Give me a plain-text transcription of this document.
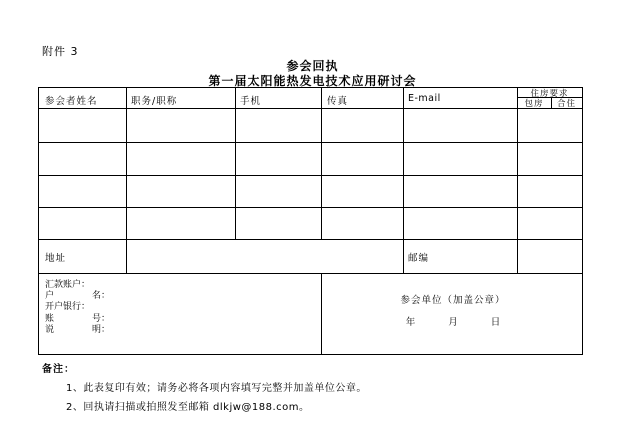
附件 3
参会回执
第一届太阳能热发电技术应用研讨会
参会者姓名	职务/职称	手机	传真	E-mail	住房要求
包房	合住
地址	邮编
汇款账户 ：
户名 ：
开户银行 ：
账号 ：
说明 ：
参会单位（加盖公章）
年	月	日
备注：
1、此表复印有效；请务必将各项内容填写完整并加盖单位公章。
2、回执请扫描或拍照发至邮箱 dlkjw@188.com。
